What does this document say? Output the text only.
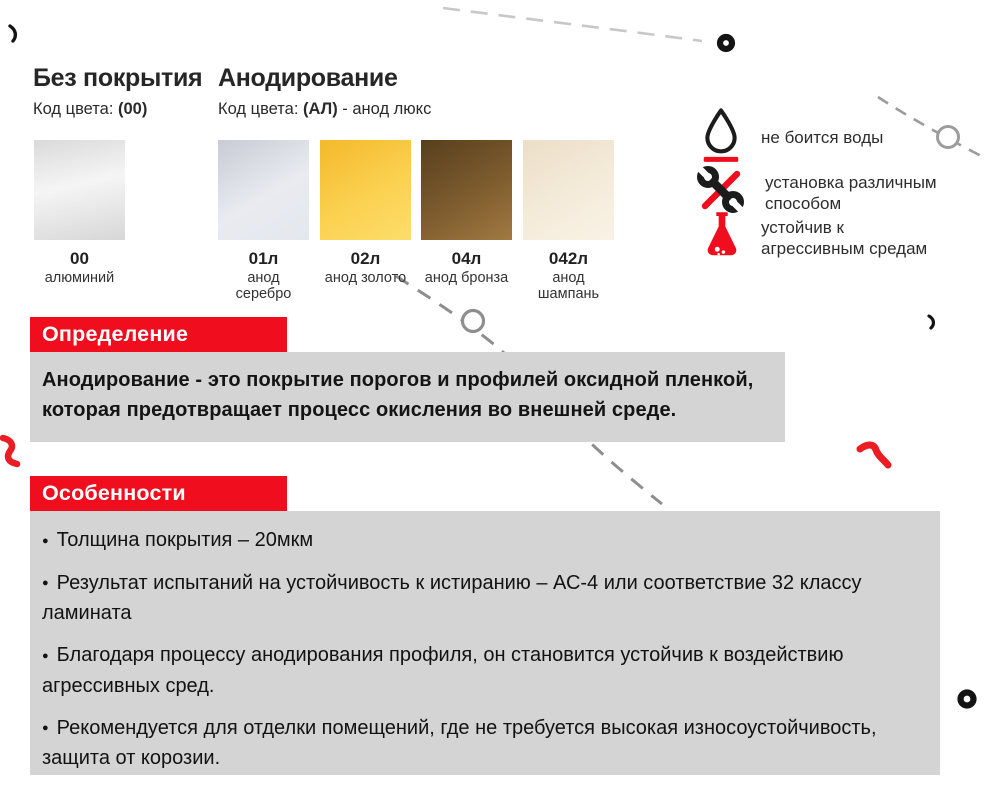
Без покрытия
Код цвета: (00)
Анодирование
Код цвета: (АЛ) - анод люкс
00
алюминий
01л
анод серебро
02л
анод золото
04л
анод бронза
042л
анод шампань
не боится воды
установка различным способом
устойчив к агрессивным средам
Определение
Анодирование - это покрытие порогов и профилей оксидной пленкой, которая предотвращает процесс окисления во внешней среде.
Особенности

● Толщина покрытия – 20мкм

● Результат испытаний на устойчивость к истиранию – АС-4 или соответствие 32 классу ламината

● Благодаря процессу анодирования профиля, он становится устойчив к воздействию агрессивных сред.

● Рекомендуется для отделки помещений, где не требуется высокая износоустойчивость, защита от корозии.
